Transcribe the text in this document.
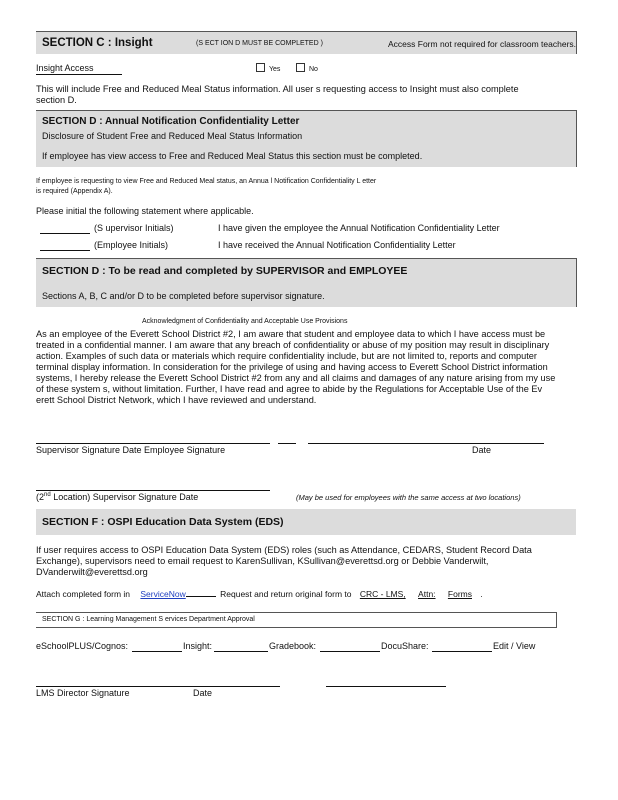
SECTION C : Insight	(S ECT ION D MUST BE COMPLETED )	Access Form not required for classroom teachers.
Insight Access	Yes	No
This will include Free and Reduced Meal Status information. All user s requesting access to Insight must also complete section D.
SECTION D : Annual Notification Confidentiality Letter
Disclosure of Student Free and Reduced Meal Status Information
If employee has view access to Free and Reduced Meal Status this section must be completed.
If employee is requesting to view Free and Reduced Meal status, an Annua l Notification Confidentiality L etter
is required (Appendix A).
Please initial the following statement where applicable.
(S upervisor Initials)	I have given the employee the Annual Notification Confidentiality Letter
(Employee Initials)	I have received the Annual Notification Confidentiality Letter
SECTION D : To be read and completed by SUPERVISOR and EMPLOYEE
Sections A, B, C and/or D to be completed before supervisor signature.
Acknowledgment of Confidentiality and Acceptable Use Provisions
As an employee of the Everett School District #2, I am aware that student and employee data to which I have access must be treated in a confidential manner. I am aware that any breach of confidentiality or abuse of my position may result in disciplinary action. Examples of such data or materials which require confidentiality include, but are not limited to, reports and computer terminal display information. In consideration for the privilege of using and having access to Everett School District information systems, I hereby release the Everett School District #2 from any and all claims and damages of any nature arising from my use of these system s, without limitation. Further, I have read and agree to abide by the Regulations for Acceptable Use of the Ev erett School District Network, which I have reviewed and understand.
Supervisor Signature Date Employee Signature	Date
(2nd Location) Supervisor Signature Date	(May be used for employees with the same access at two locations)
SECTION F : OSPI Education Data System (EDS)
If user requires access to OSPI Education Data System (EDS) roles (such as Attendance, CEDARS, Student Record Data Exchange), supervisors need to email request to KarenSullivan, KSullivan@everettsd.org or Debbie Vanderwilt, DVanderwilt@everettsd.org
Attach completed form in ServiceNow	Request and return original form to CRC - LMS, Attn: Forms .
SECTION G : Learning Management S ervices Department Approval
eSchoolPLUS/Cognos:	Insight:	Gradebook:	DocuShare:	Edit / View
LMS Director Signature	Date
